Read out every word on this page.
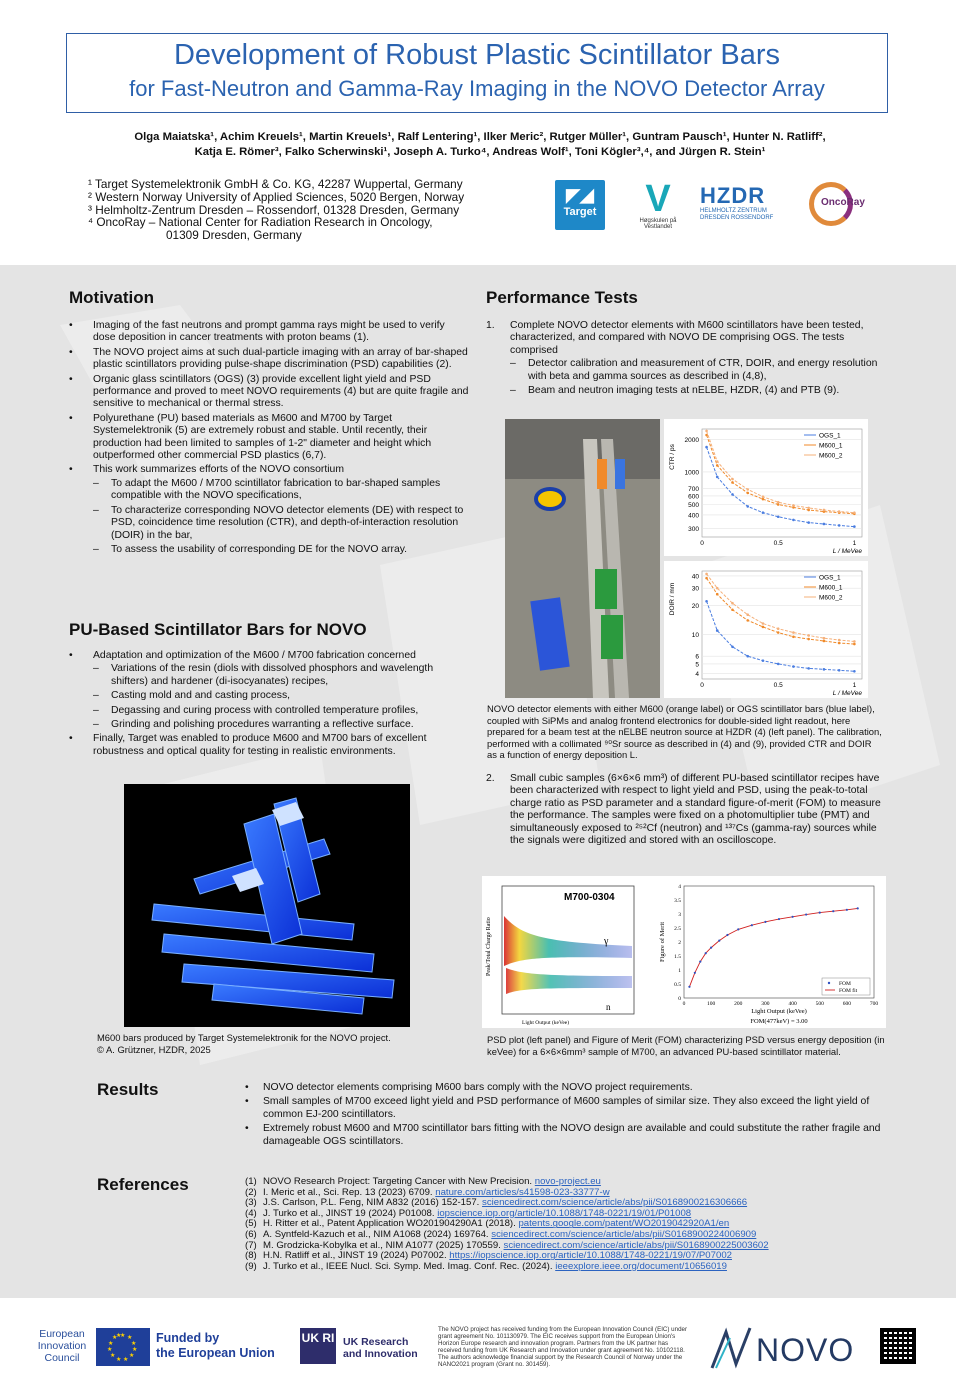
Development of Robust Plastic Scintillator Bars
for Fast-Neutron and Gamma-Ray Imaging in the NOVO Detector Array
Olga Maiatska¹, Achim Kreuels¹, Martin Kreuels¹, Ralf Lentering¹, Ilker Meric², Rutger Müller¹, Guntram Pausch¹, Hunter N. Ratliff²,
Katja E. Römer³, Falko Scherwinski¹, Joseph A. Turko⁴, Andreas Wolf¹, Toni Kögler³,⁴, and Jürgen R. Stein¹
¹ Target Systemelektronik GmbH & Co. KG, 42287 Wuppertal, Germany
² Western Norway University of Applied Sciences, 5020 Bergen, Norway
³ Helmholtz-Zentrum Dresden – Rossendorf, 01328 Dresden, Germany
⁴ OncoRay – National Center for Radiation Research in Oncology,
01309 Dresden, Germany
◤◢
Target V
Høgskulen på Vestlandet
HZDR
HELMHOLTZ ZENTRUM
DRESDEN ROSSENDORF
OncoRay
Motivation
• Imaging of the fast neutrons and prompt gamma rays might be used to verify dose deposition in cancer treatments with proton beams (1).
• The NOVO project aims at such dual-particle imaging with an array of bar-shaped plastic scintillators providing pulse-shape discrimination (PSD) capabilities (2).
• Organic glass scintillators (OGS) (3) provide excellent light yield and PSD performance and proved to meet NOVO requirements (4) but are quite fragile and sensitive to mechanical or thermal stress.
• Polyurethane (PU) based materials as M600 and M700 by Target Systemelektronik (5) are extremely robust and stable. Until recently, their production had been limited to samples of 1-2" diameter and height which outperformed other commercial PSD plastics (6,7).
• This work summarizes efforts of the NOVO consortium
– To adapt the M600 / M700 scintillator fabrication to bar-shaped samples compatible with the NOVO specifications,
– To characterize corresponding NOVO detector elements (DE) with respect to PSD, coincidence time resolution (CTR), and depth-of-interaction resolution (DOIR) in the bar,
– To assess the usability of corresponding DE for the NOVO array.
PU-Based Scintillator Bars for NOVO
• Adaptation and optimization of the M600 / M700 fabrication concerned
– Variations of the resin (diols with dissolved phosphors and wavelength shifters) and hardener (di-isocyanates) recipes,
– Casting mold and and casting process,
– Degassing and curing process with controlled temperature profiles,
– Grinding and polishing procedures warranting a reflective surface.
• Finally, Target was enabled to produce M600 and M700 bars of excellent robustness and optical quality for testing in realistic environments.
M600 bars produced by Target Systemelektronik for the NOVO project.
© A. Grützner, HZDR, 2025
Performance Tests
1. Complete NOVO detector elements with M600 scintillators have been tested, characterized, and compared with NOVO DE comprising OGS. The tests comprised
– Detector calibration and measurement of CTR, DOIR, and energy resolution with beta and gamma sources as described in (4,8),
– Beam and neutron imaging tests at nELBE, HZDR, (4) and PTB (9).
300
400
500
600
700
1000
2000
0	0.5	1
CTR / ps
L / MeVee
OGS_1
M600_1
M600_2
4
5
6
10
20
30
40
0	0.5	1
DOIR / mm
L / MeVee
OGS_1
M600_1
M600_2
NOVO detector elements with either M600 (orange label) or OGS scintillator bars (blue label), coupled with SiPMs and analog frontend electronics for double-sided light readout, here prepared for a beam test at the nELBE neutron source at HZDR (4) (left panel). The calibration, performed with a collimated ⁹⁰Sr source as described in (4) and (9), provided CTR and DOIR as a function of energy deposition L.
2. Small cubic samples (6×6×6 mm³) of different PU-based scintillator recipes have been characterized with respect to light yield and PSD, using the peak-to-total charge ratio as PSD parameter and a standard figure-of-merit (FOM) to measure the performance. The samples were fixed on a photomultiplier tube (PMT) and simultaneously exposed to ²⁵²Cf (neutron) and ¹³⁷Cs (gamma-ray) sources while the signals were digitized and stored with an oscilloscope.
M700-0304
γ
n
Peak/Total Charge Ratio
Light Output (keVee)
0
0.5
1
1.5
2
2.5
3
3.5
4
0	100	200	300	400	500	600	700
Figure of Merit
Light Output (keVee)
FOM(477keV) = 3.00
FOM
FOM fit
PSD plot (left panel) and Figure of Merit (FOM) characterizing PSD versus energy deposition (in keVee) for a 6×6×6mm³ sample of M700, an advanced PU-based scintillator material.
Results
•	NOVO detector elements comprising M600 bars comply with the NOVO project requirements.
• Small samples of M700 exceed light yield and PSD performance of M600 samples of similar size. They also exceed the light yield of common EJ-200 scintillators.
• Extremely robust M600 and M700 scintillator bars fitting with the NOVO design are available and could substitute the rather fragile and damageable OGS scintillators.
References	(1) NOVO Research Project: Targeting Cancer with New Precision. novo-project.eu
(2) I. Meric et al., Sci. Rep. 13 (2023) 6709. nature.com/articles/s41598-023-33777-w
(3) J.S. Carlson, P.L. Feng, NIM A832 (2016) 152-157. sciencedirect.com/science/article/abs/pii/S0168900216306666
(4) J. Turko et al., JINST 19 (2024) P01008. iopscience.iop.org/article/10.1088/1748-0221/19/01/P01008
(5) H. Ritter et al., Patent Application WO201904290A1 (2018). patents.google.com/patent/WO2019042920A1/en
(6) A. Syntfeld-Kazuch et al., NIM A1068 (2024) 169764. sciencedirect.com/science/article/abs/pii/S0168900224006909
(7) M. Grodzicka-Kobylka et al., NIM A1077 (2025) 170559. sciencedirect.com/science/article/abs/pii/S0168900225003602
(8) H.N. Ratliff et al., JINST 19 (2024) P07002. https://iopscience.iop.org/article/10.1088/1748-0221/19/07/P07002
(9) J. Turko et al., IEEE Nucl. Sci. Symp. Med. Imag. Conf. Rec. (2024). ieeexplore.ieee.org/document/10656019
European Innovation Council
★ ★
★
★
★
★
★
★
★
★
★
★	Funded by
the European Union
UK RI UK Research
and Innovation
The NOVO project has received funding from the European Innovation Council (EIC) under grant agreement No. 101130979. The EIC receives support from the European Union's Horizon Europe research and innovation program. Partners from the UK partner has received funding from UK Research and Innovation under grant agreement No. 10102118. The authors acknowledge financial support by the Research Council of Norway under the NANO2021 program (Grant no. 301459).	NOVO
